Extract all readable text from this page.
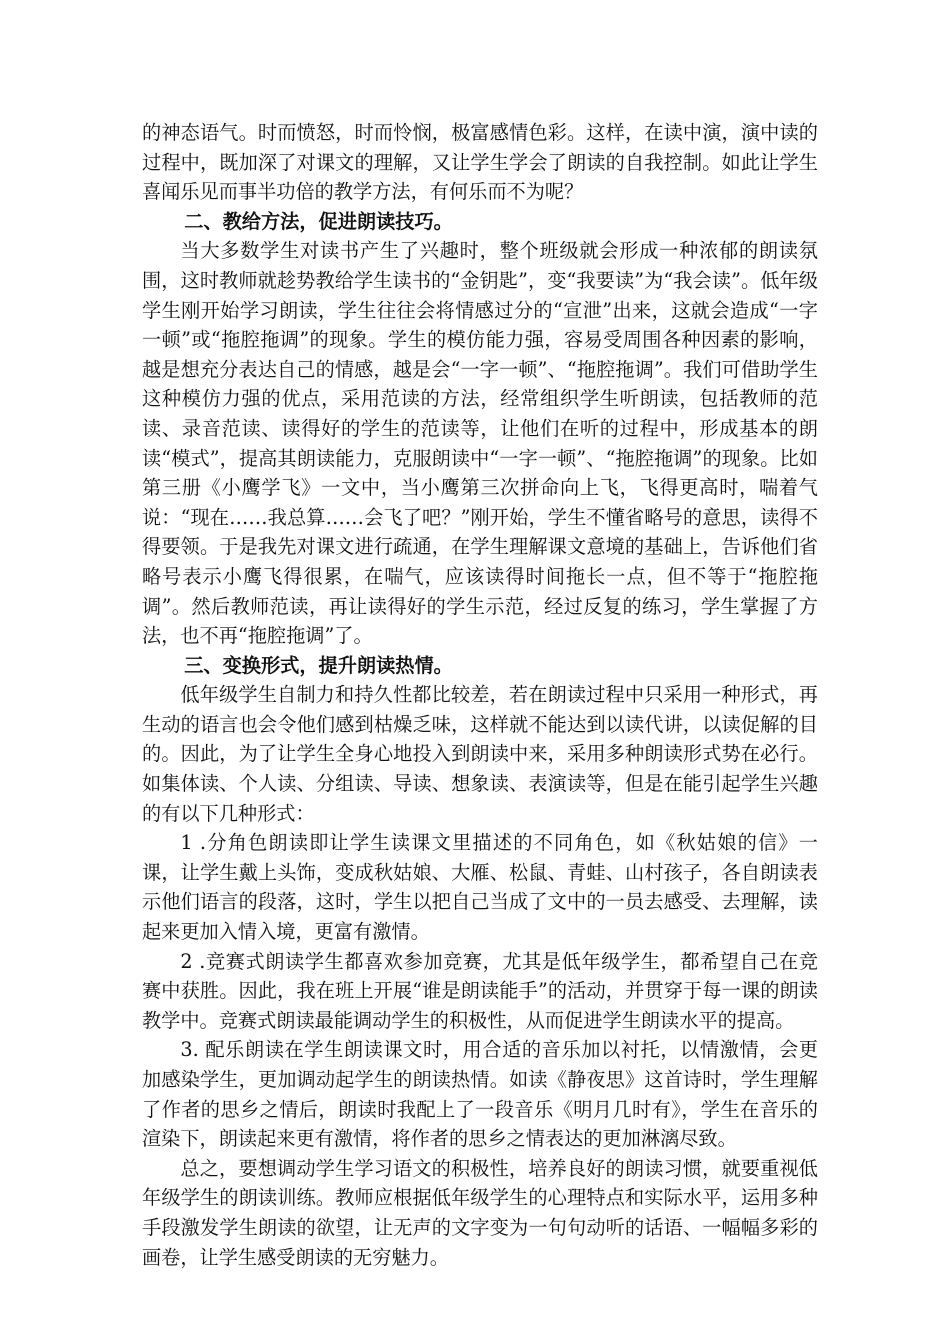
的神态语气。时而愤怒，时而怜悯，极富感情色彩。这样，在读中演，演中读的过程中，既加深了对课文的理解，又让学生学会了朗读的自我控制。如此让学生喜闻乐见而事半功倍的教学方法，有何乐而不为呢？

二、教给方法，促进朗读技巧。

当大多数学生对读书产生了兴趣时，整个班级就会形成一种浓郁的朗读氛围，这时教师就趁势教给学生读书的“金钥匙”，变“我要读”为“我会读”。低年级学生刚开始学习朗读，学生往往会将情感过分的“宣泄”出来，这就会造成“一字一顿”或“拖腔拖调”的现象。学生的模仿能力强，容易受周围各种因素的影响，越是想充分表达自己的情感，越是会“一字一顿”、“拖腔拖调”。我们可借助学生这种模仿力强的优点，采用范读的方法，经常组织学生听朗读，包括教师的范读、录音范读、读得好的学生的范读等，让他们在听的过程中，形成基本的朗读“模式”，提高其朗读能力，克服朗读中“一字一顿”、“拖腔拖调”的现象。比如第三册《小鹰学飞》一文中，当小鹰第三次拼命向上飞，飞得更高时，喘着气说：“现在……我总算……会飞了吧？”刚开始，学生不懂省略号的意思，读得不得要领。于是我先对课文进行疏通，在学生理解课文意境的基础上，告诉他们省略号表示小鹰飞得很累，在喘气，应该读得时间拖长一点，但不等于“拖腔拖调”。然后教师范读，再让读得好的学生示范，经过反复的练习，学生掌握了方法，也不再“拖腔拖调”了。

三、变换形式，提升朗读热情。

低年级学生自制力和持久性都比较差，若在朗读过程中只采用一种形式，再生动的语言也会令他们感到枯燥乏味，这样就不能达到以读代讲，以读促解的目的。因此，为了让学生全身心地投入到朗读中来，采用多种朗读形式势在必行。如集体读、个人读、分组读、导读、想象读、表演读等，但是在能引起学生兴趣的有以下几种形式：

1 .分角色朗读即让学生读课文里描述的不同角色，如《秋姑娘的信》一课，让学生戴上头饰，变成秋姑娘、大雁、松鼠、青蛙、山村孩子，各自朗读表示他们语言的段落，这时，学生以把自己当成了文中的一员去感受、去理解，读起来更加入情入境，更富有激情。

2 .竞赛式朗读学生都喜欢参加竞赛，尤其是低年级学生，都希望自己在竞赛中获胜。因此，我在班上开展“谁是朗读能手”的活动，并贯穿于每一课的朗读教学中。竞赛式朗读最能调动学生的积极性，从而促进学生朗读水平的提高。

3. 配乐朗读在学生朗读课文时，用合适的音乐加以衬托，以情激情，会更加感染学生，更加调动起学生的朗读热情。如读《静夜思》这首诗时，学生理解了作者的思乡之情后，朗读时我配上了一段音乐《明月几时有》，学生在音乐的渲染下，朗读起来更有激情，将作者的思乡之情表达的更加淋漓尽致。

总之，要想调动学生学习语文的积极性，培养良好的朗读习惯，就要重视低年级学生的朗读训练。教师应根据低年级学生的心理特点和实际水平，运用多种手段激发学生朗读的欲望，让无声的文字变为一句句动听的话语、一幅幅多彩的画卷，让学生感受朗读的无穷魅力。
